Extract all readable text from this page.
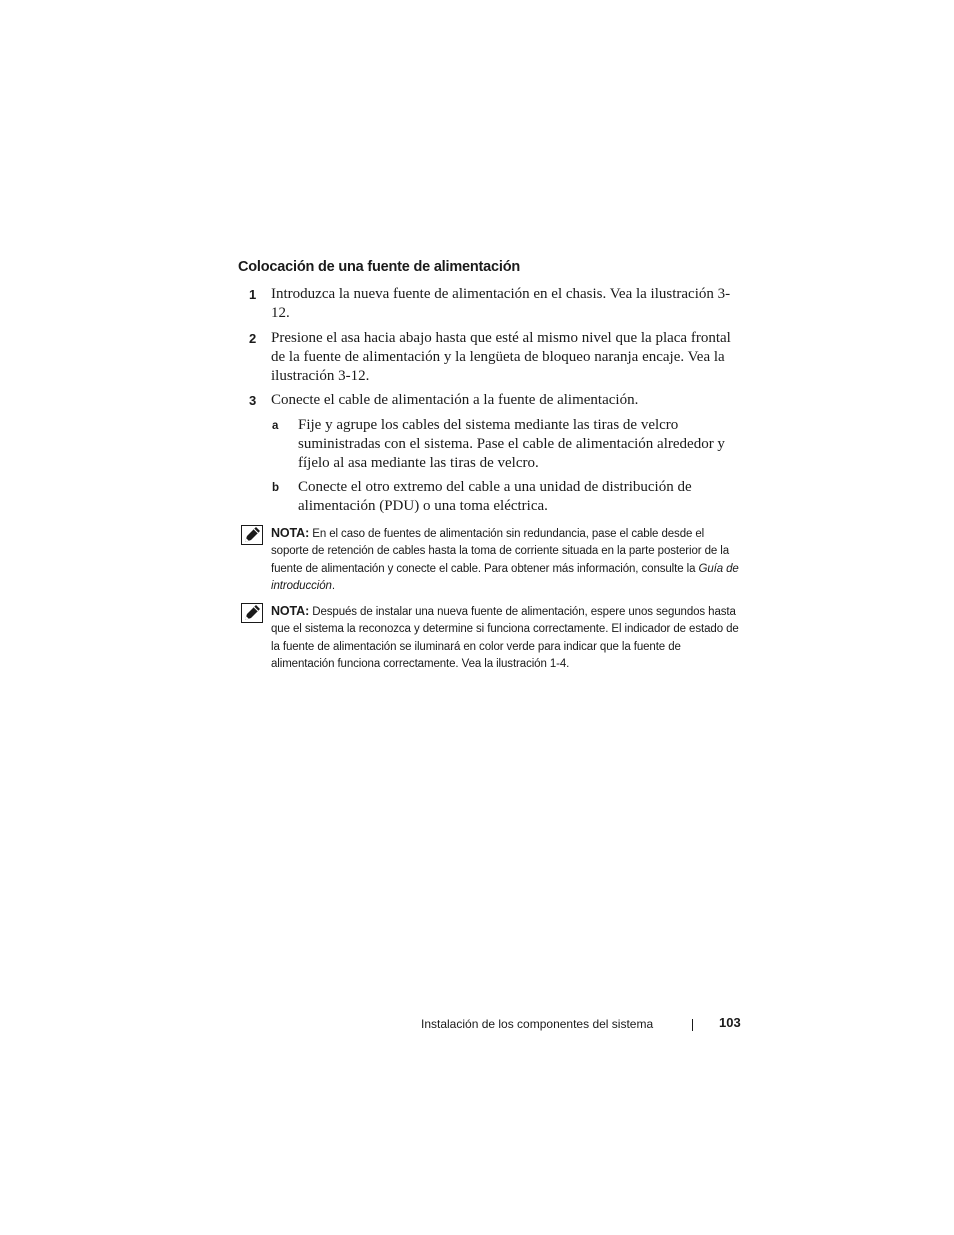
Colocación de una fuente de alimentación
1 Introduzca la nueva fuente de alimentación en el chasis. Vea la ilustración 3-12.
2 Presione el asa hacia abajo hasta que esté al mismo nivel que la placa frontal de la fuente de alimentación y la lengüeta de bloqueo naranja encaje. Vea la ilustración 3-12.
3 Conecte el cable de alimentación a la fuente de alimentación.
a Fije y agrupe los cables del sistema mediante las tiras de velcro suministradas con el sistema. Pase el cable de alimentación alrededor y fíjelo al asa mediante las tiras de velcro.
b Conecte el otro extremo del cable a una unidad de distribución de alimentación (PDU) o una toma eléctrica.
NOTA: En el caso de fuentes de alimentación sin redundancia, pase el cable desde el soporte de retención de cables hasta la toma de corriente situada en la parte posterior de la fuente de alimentación y conecte el cable. Para obtener más información, consulte la Guía de introducción.
NOTA: Después de instalar una nueva fuente de alimentación, espere unos segundos hasta que el sistema la reconozca y determine si funciona correctamente. El indicador de estado de la fuente de alimentación se iluminará en color verde para indicar que la fuente de alimentación funciona correctamente. Vea la ilustración 1-4.
Instalación de los componentes del sistema	103
